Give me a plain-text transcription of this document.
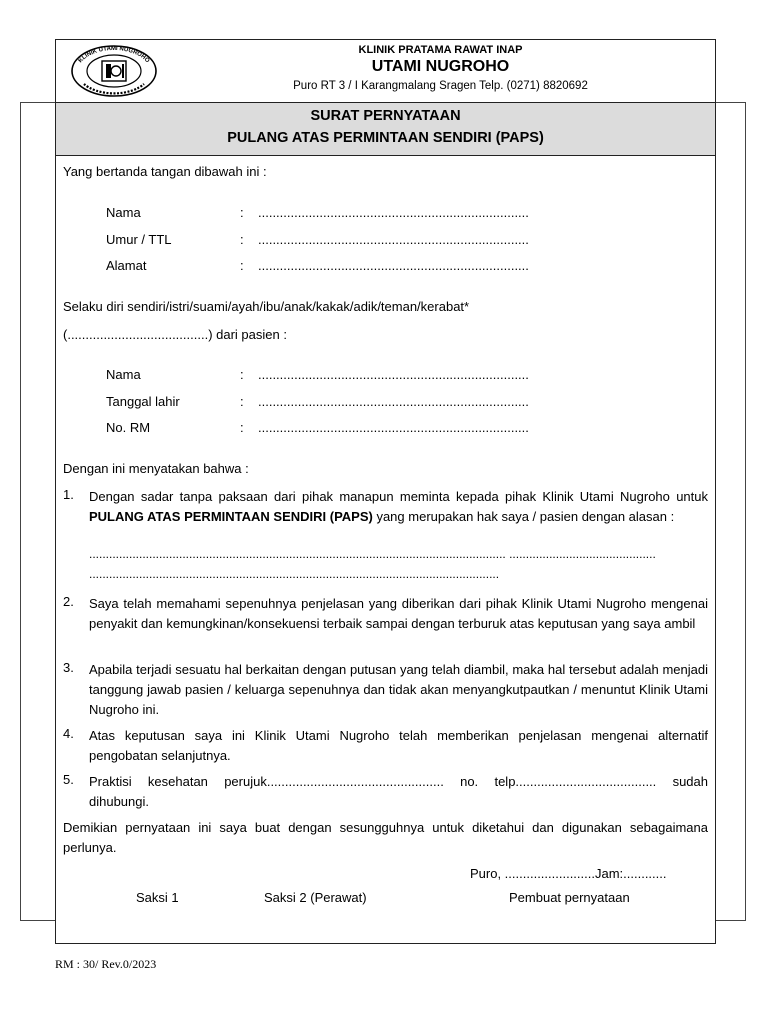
KLINIK UTAMI NUGROHO
KLINIK PRATAMA RAWAT INAP
UTAMI NUGROHO
Puro RT 3 / I Karangmalang Sragen Telp. (0271) 8820692
SURAT PERNYATAAN
PULANG ATAS PERMINTAAN SENDIRI (PAPS)
Yang bertanda tangan dibawah ini :
Nama	: ...........................................................................
Umur / TTL	: ...........................................................................
Alamat	: ...........................................................................
Selaku diri sendiri/istri/suami/ayah/ibu/anak/kakak/adik/teman/kerabat*
(.......................................) dari pasien :
Nama	: ...........................................................................
Tanggal lahir	: ...........................................................................
No. RM	: ...........................................................................
Dengan ini menyatakan bahwa :
1. Dengan sadar tanpa paksaan dari pihak manapun meminta kepada pihak Klinik Utami Nugroho untuk PULANG ATAS PERMINTAAN SENDIRI (PAPS) yang merupakan hak saya / pasien dengan alasan :
............................................................................................................................. ............................................
...........................................................................................................................
2. Saya telah memahami sepenuhnya penjelasan yang diberikan dari pihak Klinik Utami Nugroho mengenai penyakit dan kemungkinan/konsekuensi terbaik sampai dengan terburuk atas keputusan yang saya ambil
3. Apabila terjadi sesuatu hal berkaitan dengan putusan yang telah diambil, maka hal tersebut adalah menjadi tanggung jawab pasien / keluarga sepenuhnya dan tidak akan menyangkutpautkan / menuntut Klinik Utami Nugroho ini.
4. Atas keputusan saya ini Klinik Utami Nugroho telah memberikan penjelasan mengenai alternatif pengobatan selanjutnya.
5. Praktisi kesehatan perujuk................................................. no. telp....................................... sudah dihubungi.
Demikian pernyataan ini saya buat dengan sesungguhnya untuk diketahui dan digunakan sebagaimana perlunya.
Puro, .........................Jam:............
Saksi 1	Saksi 2 (Perawat)	Pembuat pernyataan
RM : 30/ Rev.0/2023
